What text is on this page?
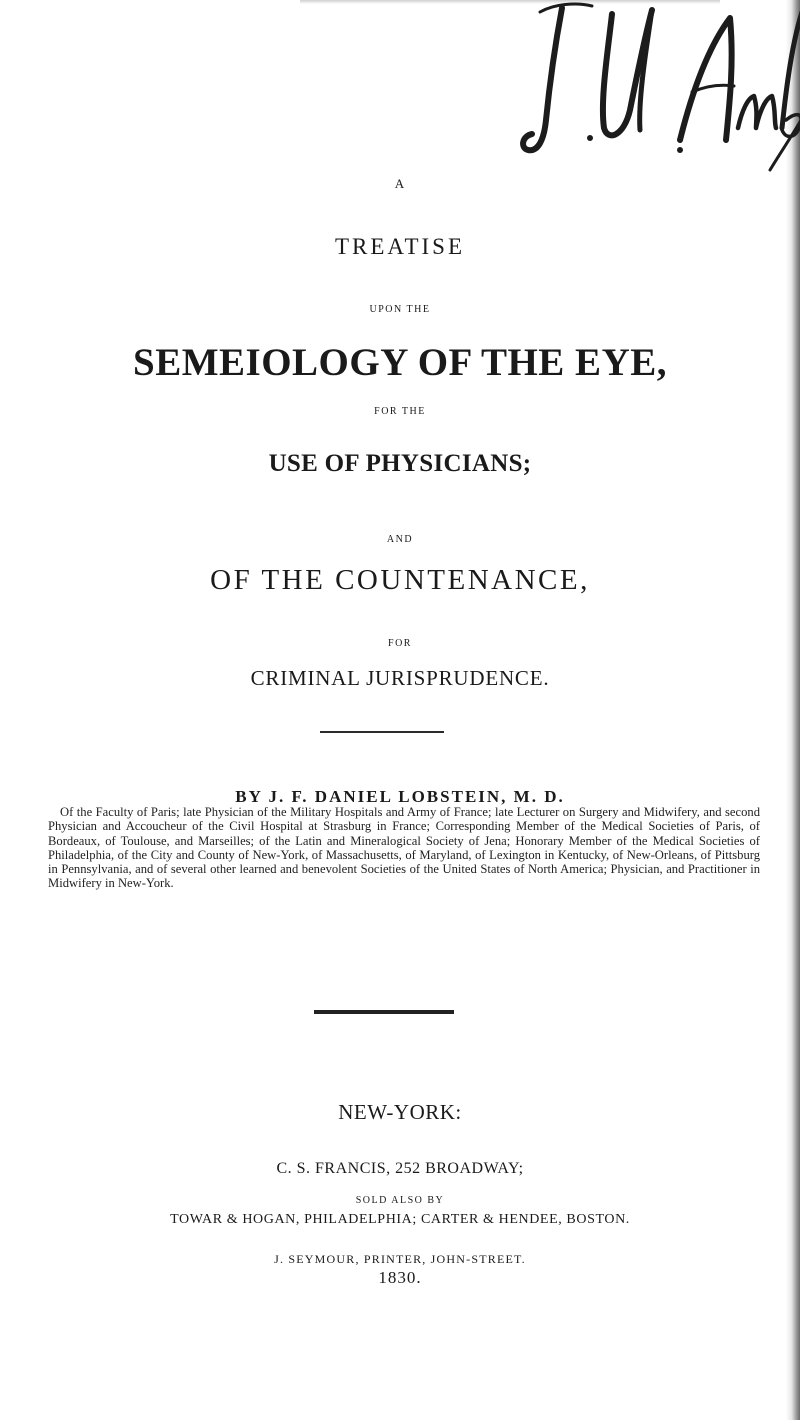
A
TREATISE
UPON THE
SEMEIOLOGY OF THE EYE,
FOR THE
USE OF PHYSICIANS;
AND
OF THE COUNTENANCE,
FOR
CRIMINAL JURISPRUDENCE.
BY J. F. DANIEL LOBSTEIN, M. D.
Of the Faculty of Paris; late Physician of the Military Hospitals and Army of France; late Lecturer on Surgery and Midwifery, and second Physician and Accoucheur of the Civil Hospital at Strasburg in France; Corresponding Member of the Medical Societies of Paris, of Bordeaux, of Toulouse, and Marseilles; of the Latin and Mineralogical Society of Jena; Honorary Member of the Medical Societies of Philadelphia, of the City and County of New-York, of Massachusetts, of Maryland, of Lexington in Kentucky, of New-Orleans, of Pittsburg in Pennsylvania, and of several other learned and benevolent Societies of the United States of North America; Physician, and Practitioner in Midwifery in New-York.
NEW-YORK:
C. S. FRANCIS, 252 BROADWAY;
SOLD ALSO BY
TOWAR & HOGAN, PHILADELPHIA; CARTER & HENDEE, BOSTON.
J. SEYMOUR, PRINTER, JOHN-STREET.
1830.
